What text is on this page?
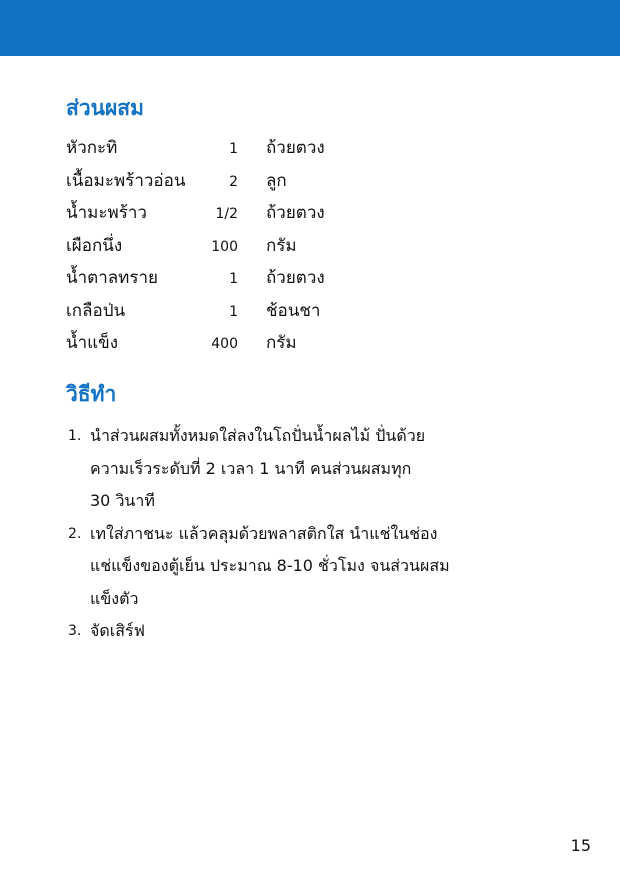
ส่วนผสม
หัวกะทิ	1 ถ้วยตวง
เนื้อมะพร้าวอ่อน	2 ลูก
น้ำมะพร้าว	1/2 ถ้วยตวง
เผือกนึ่ง	100 กรัม
น้ำตาลทราย	1 ถ้วยตวง
เกลือป่น	1 ช้อนชา
น้ำแข็ง	400 กรัม
วิธีทำ
1. นำส่วนผสมทั้งหมดใส่ลงในโถปั่นน้ำผลไม้ ปั่นด้วย
ความเร็วระดับที่ 2 เวลา 1 นาที คนส่วนผสมทุก
30 วินาที
2. เทใส่ภาชนะ แล้วคลุมด้วยพลาสติกใส นำแช่ในช่อง
แช่แข็งของตู้เย็น ประมาณ 8-10 ชั่วโมง จนส่วนผสม
แข็งตัว
3. จัดเสิร์ฟ
15
